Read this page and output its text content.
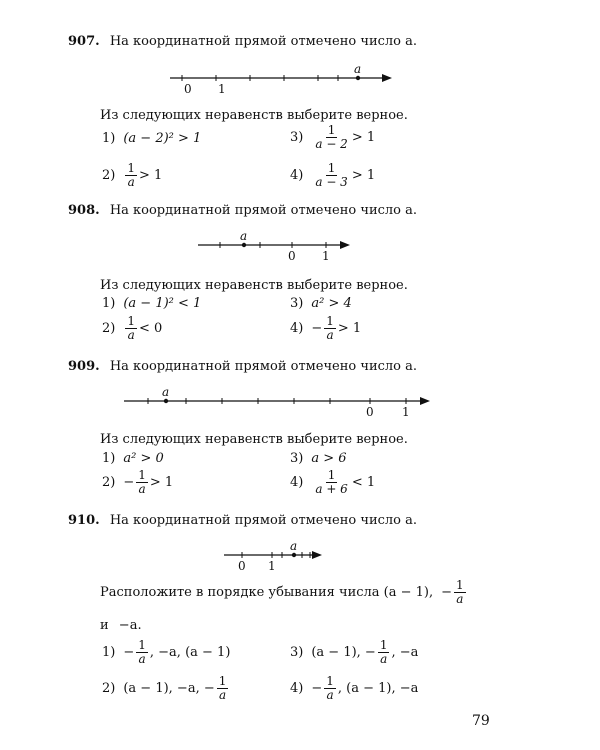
907. На координатной прямой отмечено число a.
0 1
a
Из следующих неравенств выберите верное.
1) (a − 2)² > 1	$3) \frac{1}{a - 2} > 1$
$2) \frac{1}{a} > 1$	$4) \frac{1}{a - 3} > 1$
908. На координатной прямой отмечено число a.
0 1
a
Из следующих неравенств выберите верное.
1) (a − 1)² < 1	3) a² > 4
$2) \frac{1}{a} < 0$	$4) - \frac{1}{a} > 1$
909. На координатной прямой отмечено число a.
0 1
a
Из следующих неравенств выберите верное.
1) a² > 0	3) a > 6
$2) - \frac{1}{a} > 1$	$4) \frac{1}{a + 6} < 1$
910. На координатной прямой отмечено число a.
0 1
a
Расположите в порядке убывания числа (a − 1), − $\frac{1}{a}$
и −a.
$1) - \frac{1}{a}$ , −a, (a − 1)	3) (a − 1), − $\frac{1}{a}$ , −a
2) (a − 1), −a, − $\frac{1}{a}$	$4) - \frac{1}{a}$ , (a − 1), −a
79
